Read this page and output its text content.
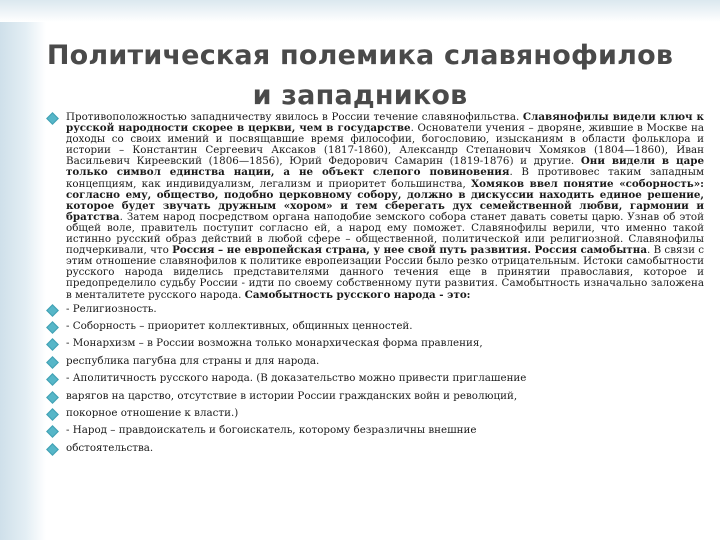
Политическая полемика славянофилов
и западников
Противоположностью западничеству явилось в России течение славянофильства. Славянофилы видели ключ к русской народности скорее в церкви, чем в государстве. Основатели учения – дворяне, жившие в Москве на доходы со своих имений и посвящавшие время философии, богословию, изысканиям в области фольклора и истории – Константин Сергеевич Аксаков (1817-1860), Александр Степанович Хомяков (1804—1860), Иван Васильевич Киреевский (1806—1856), Юрий Федорович Самарин (1819-1876) и другие. Они видели в царе только символ единства нации, а не объект слепого повиновения. В противовес таким западным концепциям, как индивидуализм, легализм и приоритет большинства, Хомяков ввел понятие «соборность»: согласно ему, общество, подобно церковному собору, должно в дискуссии находить единое решение, которое будет звучать дружным «хором» и тем сберегать дух семейственной любви, гармонии и братства. Затем народ посредством органа наподобие земского собора станет давать советы царю. Узнав об этой общей воле, правитель поступит согласно ей, а народ ему поможет. Славянофилы верили, что именно такой истинно русский образ действий в любой сфере – общественной, политической или религиозной. Славянофилы подчеркивали, что Россия – не европейская страна, у нее свой путь развития. Россия самобытна. В связи с этим отношение славянофилов к политике европеизации России было резко отрицательным. Истоки самобытности русского народа виделись представителями данного течения еще в принятии православия, которое и предопределило судьбу России - идти по своему собственному пути развития. Самобытность изначально заложена в менталитете русского народа. Самобытность русского народа - это:
- Религиозность.
- Соборность – приоритет коллективных, общинных ценностей.
- Монархизм – в России возможна только монархическая форма правления,
республика пагубна для страны и для народа.
- Аполитичность русского народа. (В доказательство можно привести приглашение
варягов на царство, отсутствие в истории России гражданских войн и революций,
покорное отношение к власти.)
- Народ – правдоискатель и богоискатель, которому безразличны внешние
обстоятельства.
